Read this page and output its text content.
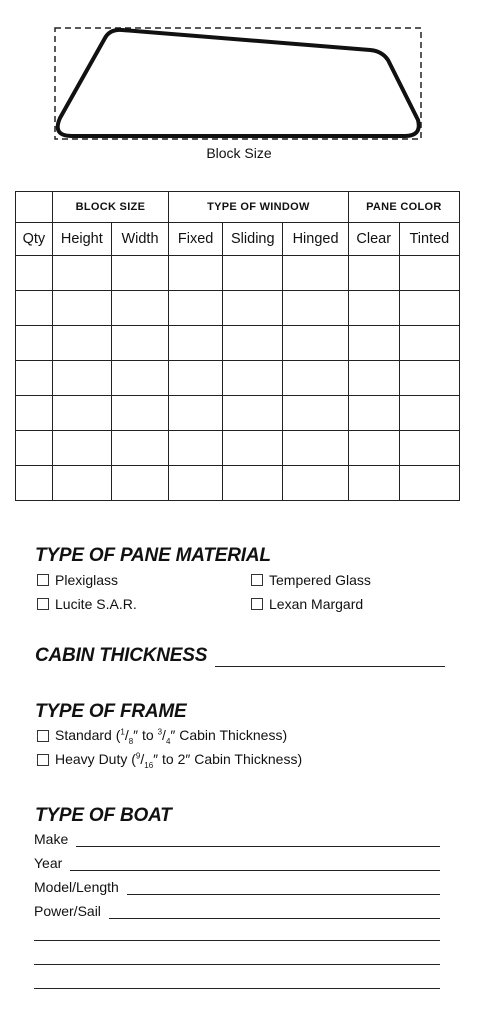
Block Size
	BLOCK SIZE		TYPE OF WINDOW			PANE COLOR	
Qty	Height	Width	Fixed	Sliding	Hinged	Clear	Tinted

TYPE OF PANE MATERIAL
Plexiglass	Tempered Glass
Lucite S.A.R.	Lexan Margard
CABIN THICKNESS
TYPE OF FRAME
Standard ($^1/_8''$ to $^3/_4''$ Cabin Thickness)
Heavy Duty ($^9/_{16}''$ to 2″ Cabin Thickness)
TYPE OF BOAT
Make
Year
Model/Length
Power/Sail
